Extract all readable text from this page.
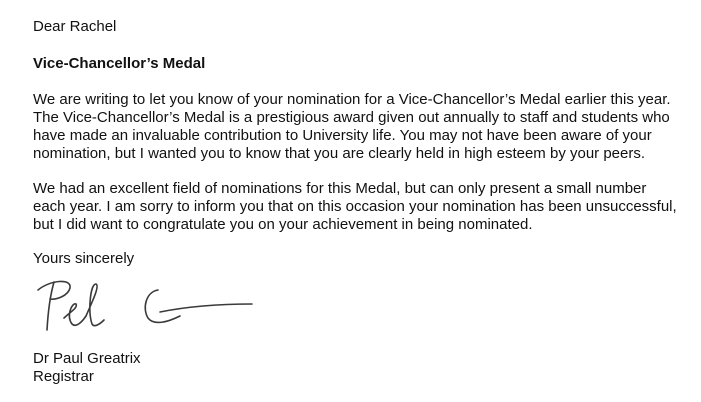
Dear Rachel
Vice-Chancellor’s Medal
We are writing to let you know of your nomination for a Vice-Chancellor’s Medal earlier this year.
The Vice-Chancellor’s Medal is a prestigious award given out annually to staff and students who
have made an invaluable contribution to University life. You may not have been aware of your
nomination, but I wanted you to know that you are clearly held in high esteem by your peers.
We had an excellent field of nominations for this Medal, but can only present a small number
each year. I am sorry to inform you that on this occasion your nomination has been unsuccessful,
but I did want to congratulate you on your achievement in being nominated.
Yours sincerely
Dr Paul Greatrix
Registrar
